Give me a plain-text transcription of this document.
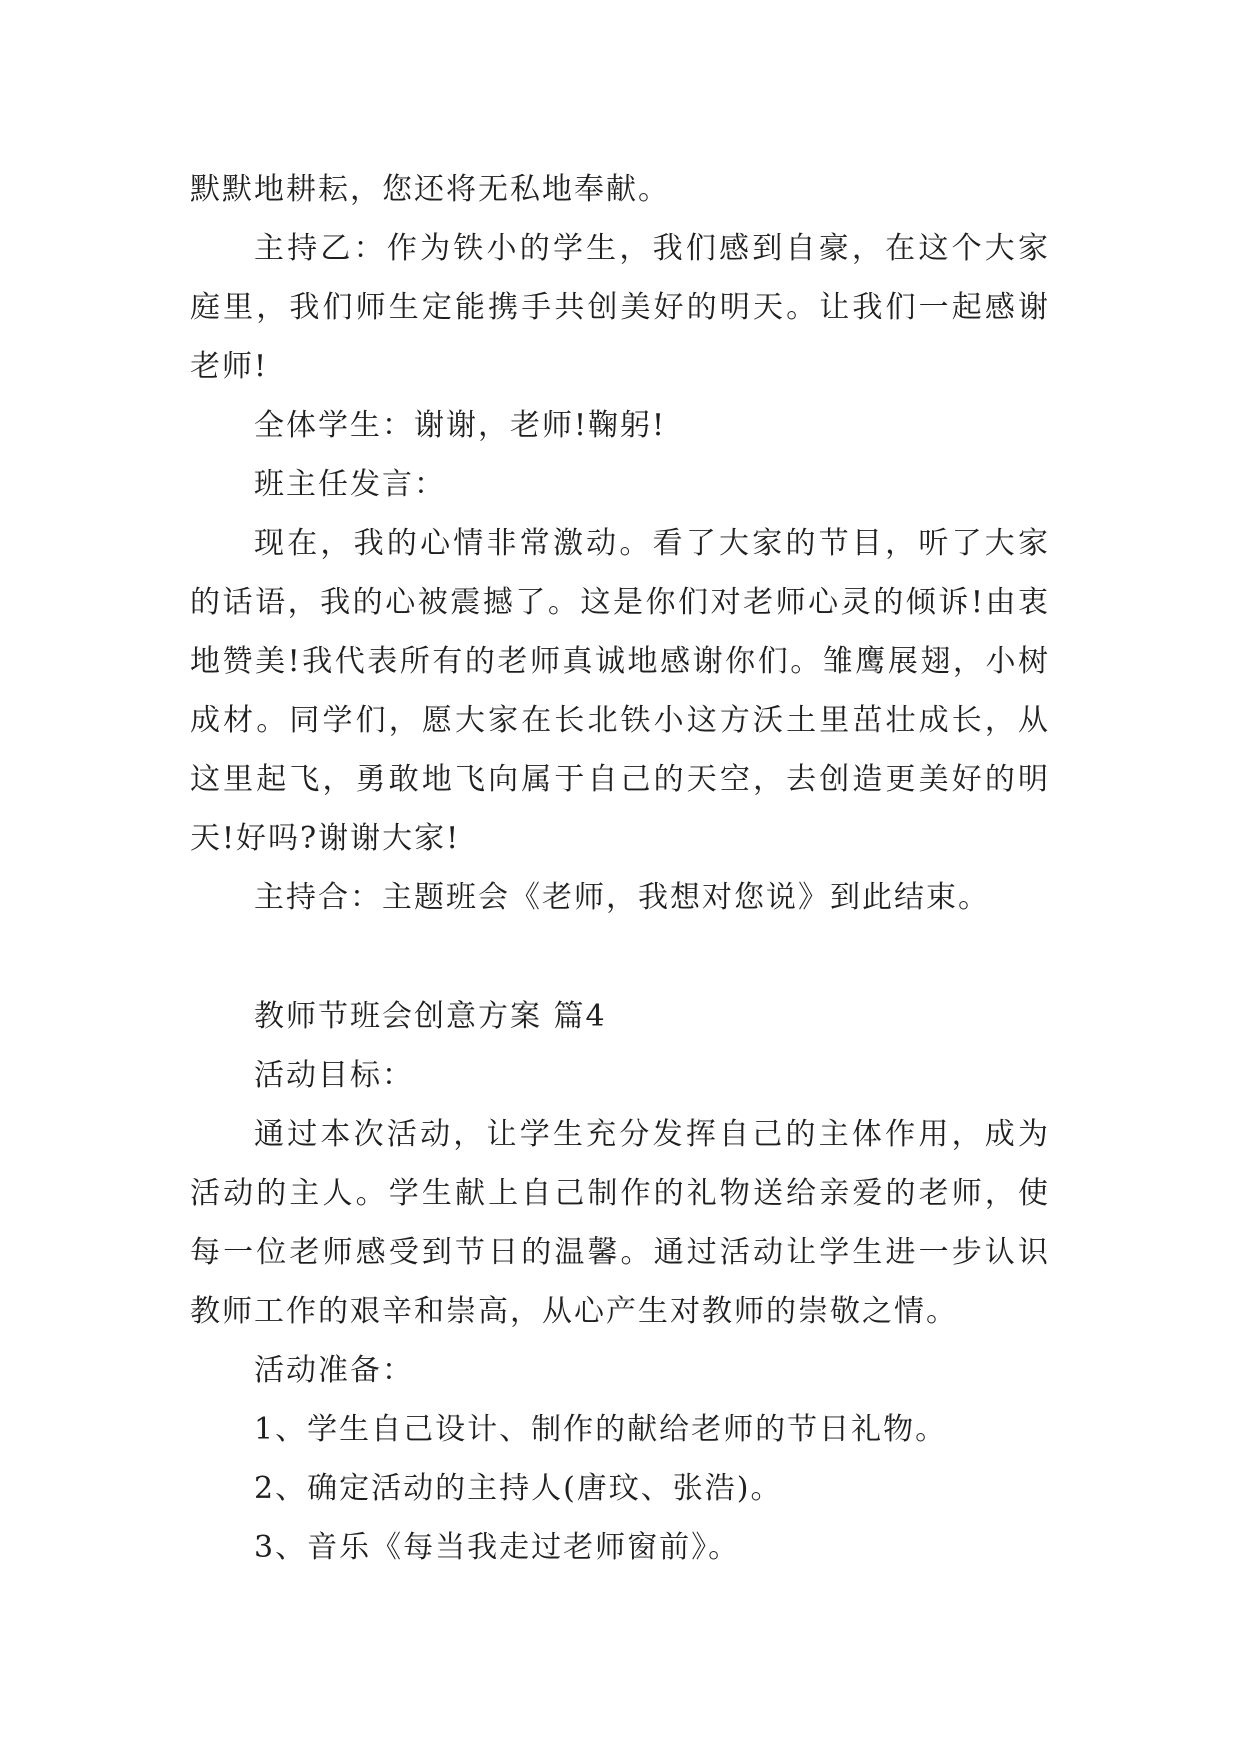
默默地耕耘，您还将无私地奉献。

主持乙：作为铁小的学生，我们感到自豪，在这个大家庭里，我们师生定能携手共创美好的明天。让我们一起感谢老师!

全体学生：谢谢，老师!鞠躬!

班主任发言：

现在，我的心情非常激动。看了大家的节目，听了大家的话语，我的心被震撼了。这是你们对老师心灵的倾诉!由衷地赞美!我代表所有的老师真诚地感谢你们。雏鹰展翅，小树成材。同学们，愿大家在长北铁小这方沃土里茁壮成长，从这里起飞，勇敢地飞向属于自己的天空，去创造更美好的明天!好吗?谢谢大家!

主持合：主题班会《老师，我想对您说》到此结束。

教师节班会创意方案 篇4

活动目标：

通过本次活动，让学生充分发挥自己的主体作用，成为活动的主人。学生献上自己制作的礼物送给亲爱的老师，使每一位老师感受到节日的温馨。通过活动让学生进一步认识教师工作的艰辛和崇高，从心产生对教师的崇敬之情。

活动准备：

1、学生自己设计、制作的献给老师的节日礼物。

2、确定活动的主持人(唐玟、张浩)。

3、音乐《每当我走过老师窗前》。
